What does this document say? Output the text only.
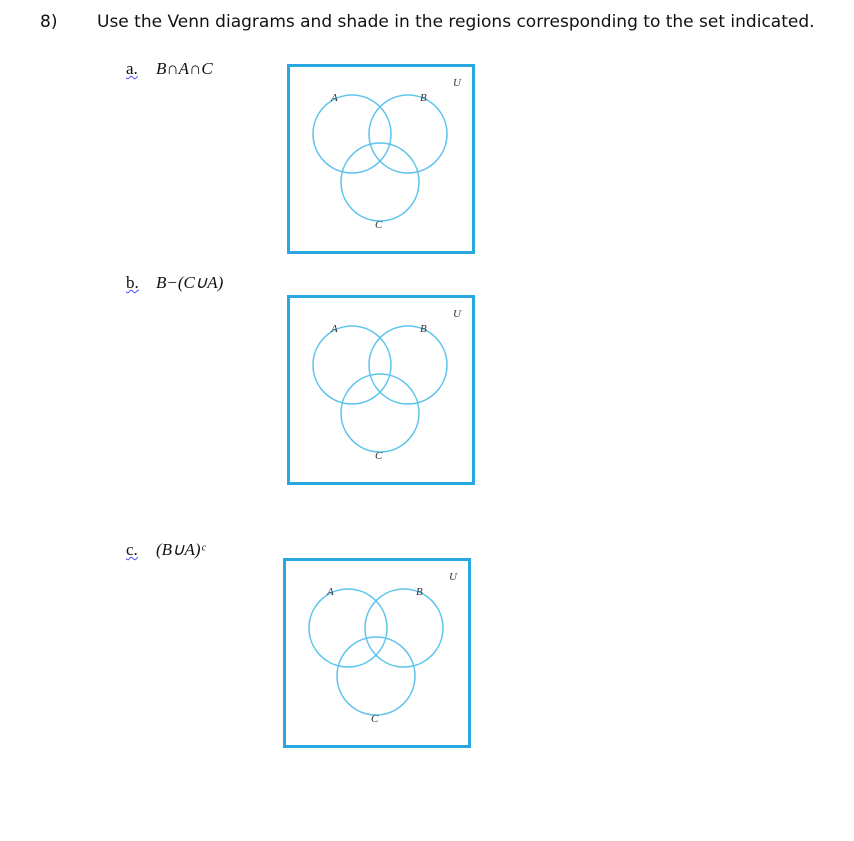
8) Use the Venn diagrams and shade in the regions corresponding to the set indicated.
a. B∩A∩C
b. B−(C∪A)
c. (B∪A)ᶜ
A	B
C
U
A	B
C
U
A	B
C
U
